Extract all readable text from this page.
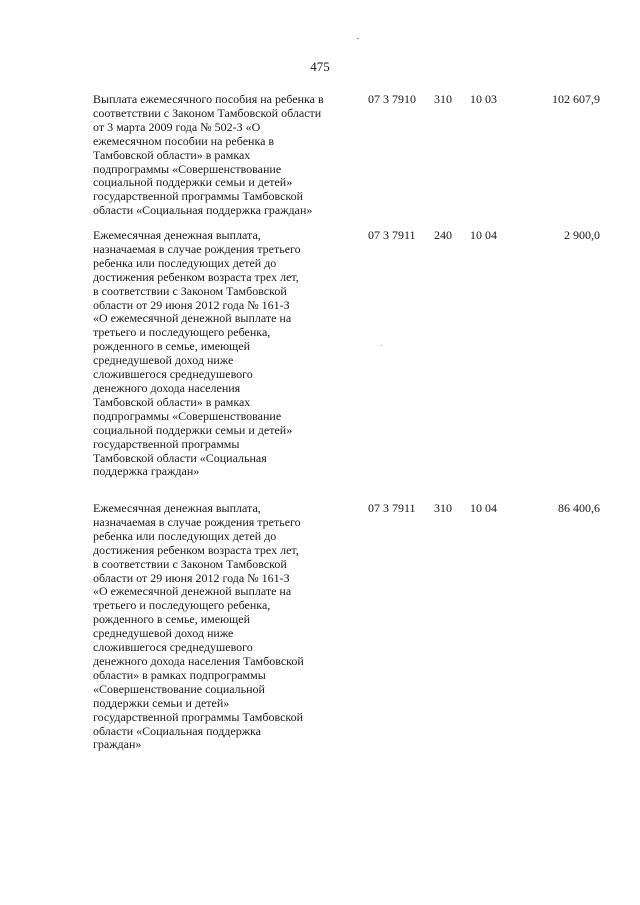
475
Выплата ежемесячного пособия на ребенка в
соответствии с Законом Тамбовской области
от 3 марта 2009 года № 502-З «О
ежемесячном пособии на ребенка в
Тамбовской области» в рамках
подпрограммы «Совершенствование
социальной поддержки семьи и детей»
государственной программы Тамбовской
области «Социальная поддержка граждан»
07 3 7910 310 10 03	102 607,9
Ежемесячная денежная выплата,
назначаемая в случае рождения третьего
ребенка или последующих детей до
достижения ребенком возраста трех лет,
в соответствии с Законом Тамбовской
области от 29 июня 2012 года № 161-З
«О ежемесячной денежной выплате на
третьего и последующего ребенка,
рожденного в семье, имеющей
среднедушевой доход ниже
сложившегося среднедушевого
денежного дохода населения
Тамбовской области» в рамках
подпрограммы «Совершенствование
социальной поддержки семьи и детей»
государственной программы
Тамбовской области «Социальная
поддержка граждан»
07 3 7911 240 10 04	2 900,0
Ежемесячная денежная выплата,
назначаемая в случае рождения третьего
ребенка или последующих детей до
достижения ребенком возраста трех лет,
в соответствии с Законом Тамбовской
области от 29 июня 2012 года № 161-З
«О ежемесячной денежной выплате на
третьего и последующего ребенка,
рожденного в семье, имеющей
среднедушевой доход ниже
сложившегося среднедушевого
денежного дохода населения Тамбовской
области» в рамках подпрограммы
«Совершенствование социальной
поддержки семьи и детей»
государственной программы Тамбовской
области «Социальная поддержка
граждан»
07 3 7911 310 10 04	86 400,6
